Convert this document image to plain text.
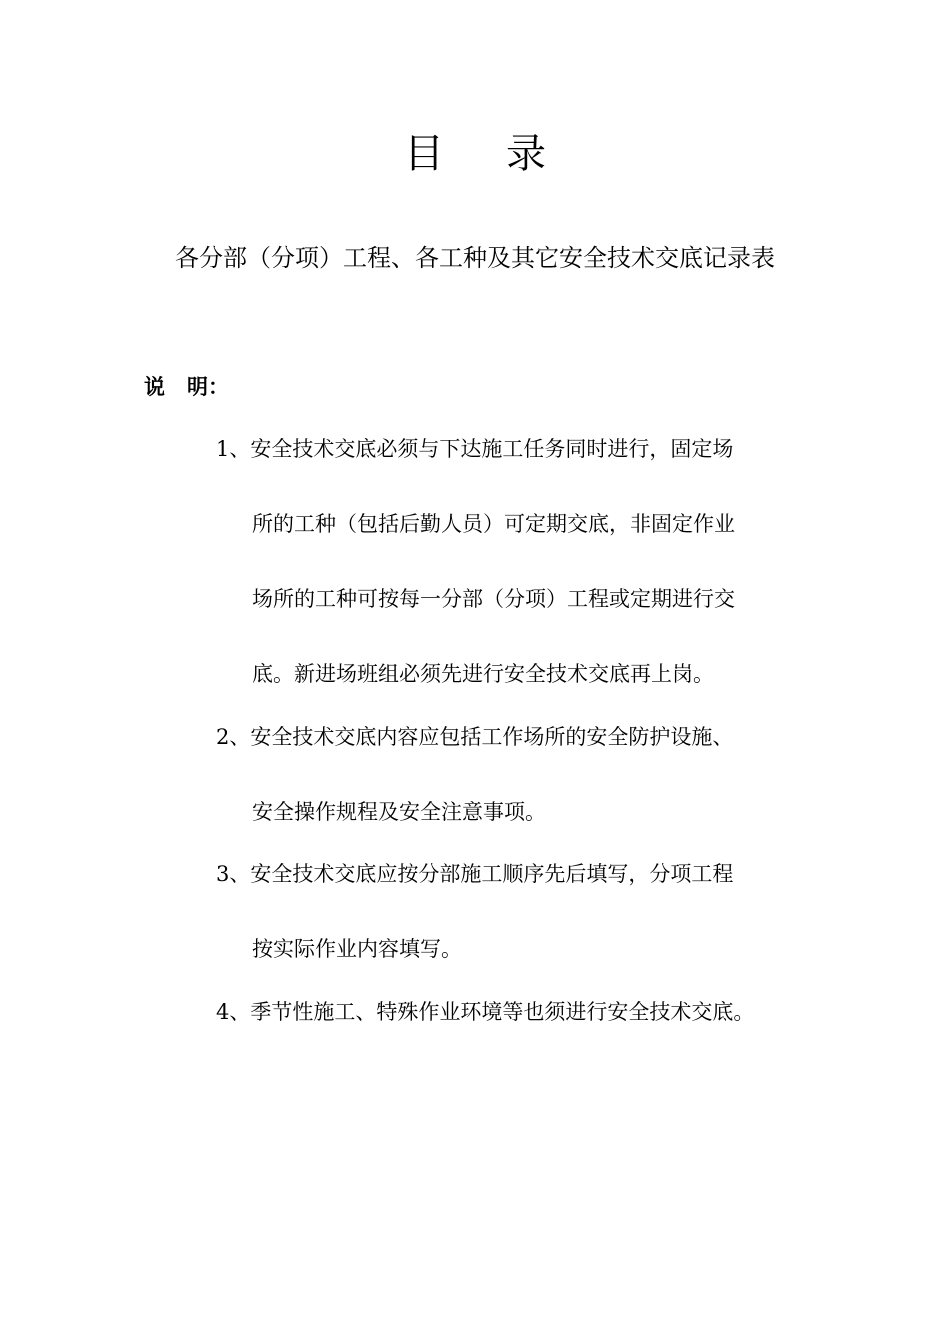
目 录
各分部（分项）工程、各工种及其它安全技术交底记录表
说 明：
1、安全技术交底必须与下达施工任务同时进行，固定场
所的工种（包括后勤人员）可定期交底，非固定作业
场所的工种可按每一分部（分项）工程或定期进行交
底。新进场班组必须先进行安全技术交底再上岗。
2、安全技术交底内容应包括工作场所的安全防护设施、
安全操作规程及安全注意事项。
3、安全技术交底应按分部施工顺序先后填写，分项工程
按实际作业内容填写。
4、季节性施工、特殊作业环境等也须进行安全技术交底。
